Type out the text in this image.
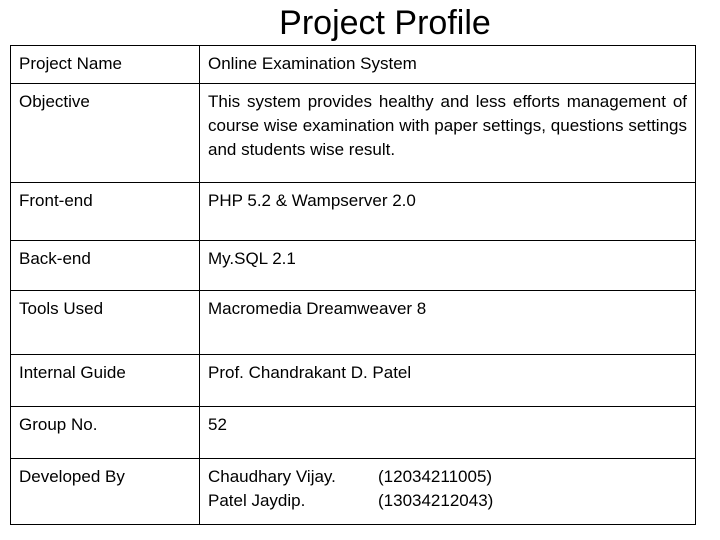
Project Profile
Project Name	Online Examination System
Objective	This system provides healthy and less efforts management of course wise examination with paper settings, questions settings and students wise result.
Front-end	PHP 5.2 & Wampserver 2.0
Back-end	My.SQL 2.1
Tools Used	Macromedia Dreamweaver 8
Internal Guide	Prof. Chandrakant D. Patel
Group No.	52
Developed By	Chaudhary Vijay. (12034211005)
Patel Jaydip. (13034212043)
